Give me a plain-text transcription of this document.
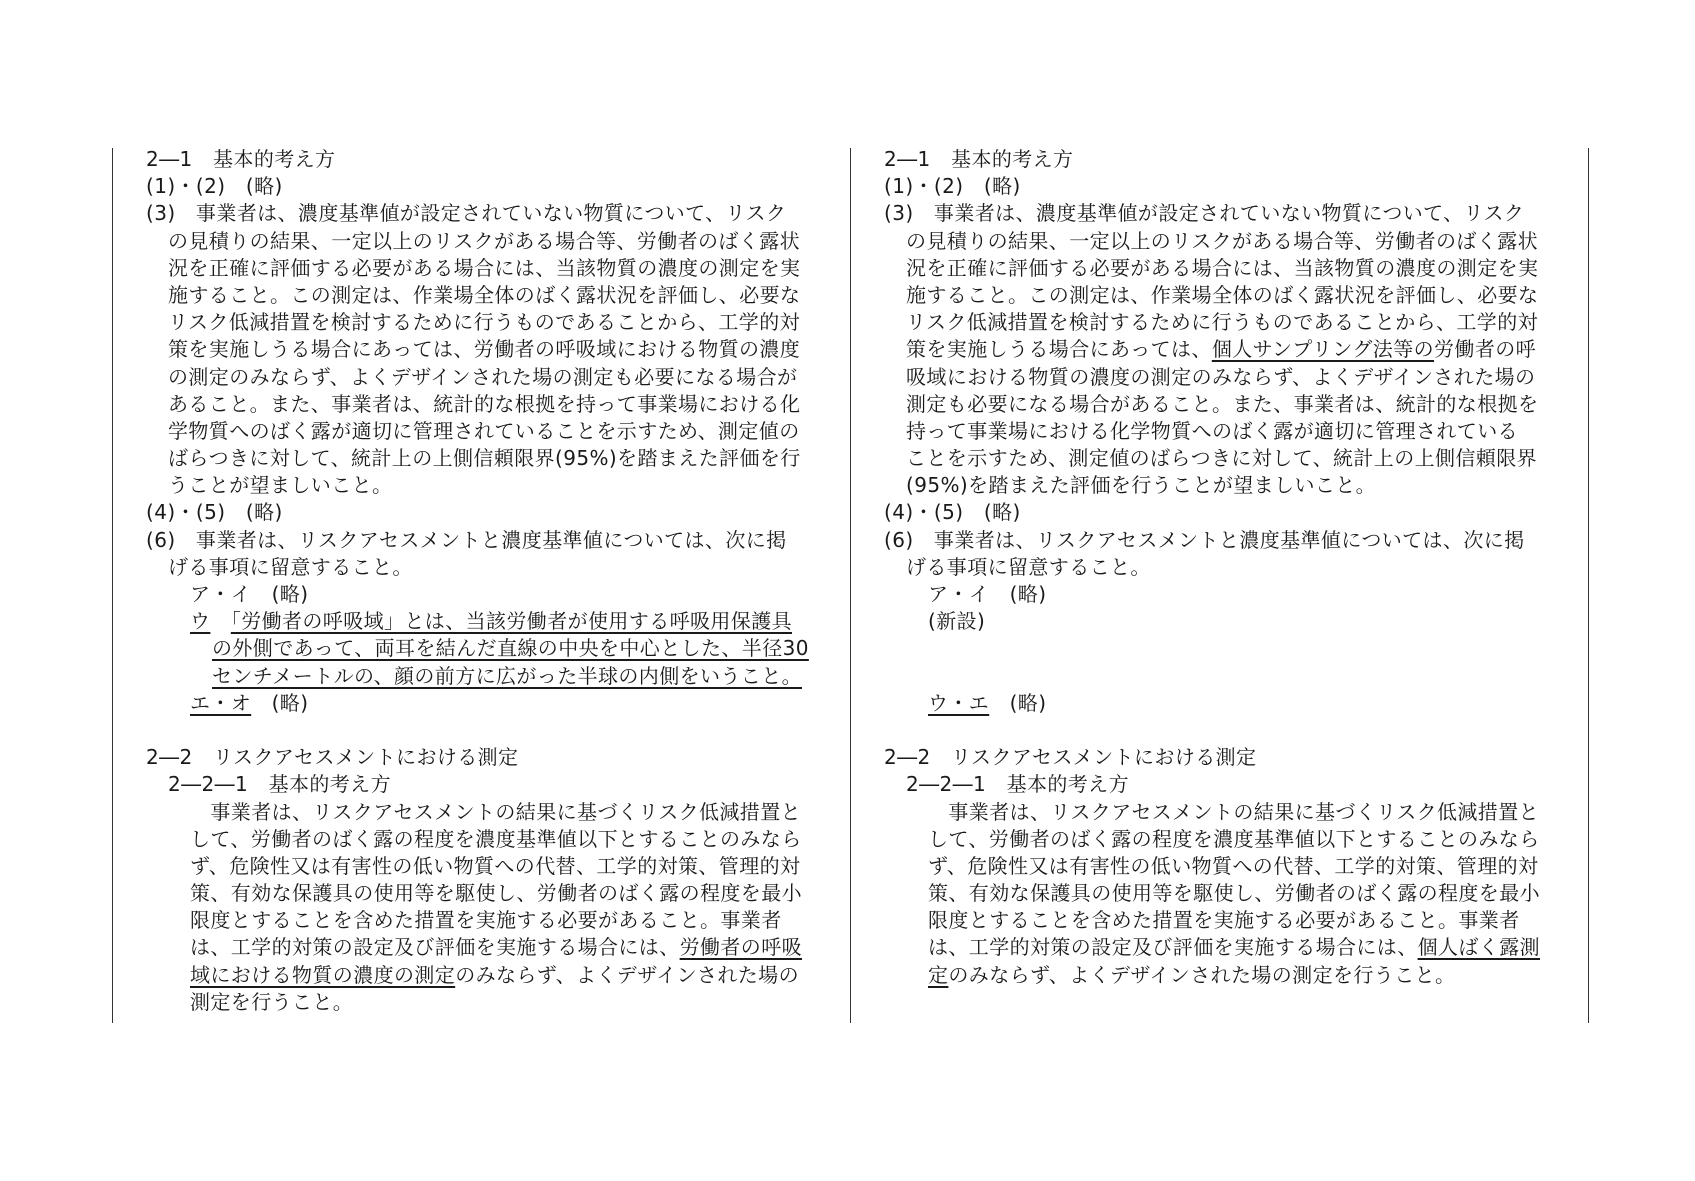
2―1　基本的考え方
(1)・(2)　(略)
(3)　事業者は、濃度基準値が設定されていない物質について、リスク
の見積りの結果、一定以上のリスクがある場合等、労働者のばく露状
況を正確に評価する必要がある場合には、当該物質の濃度の測定を実
施すること。この測定は、作業場全体のばく露状況を評価し、必要な
リスク低減措置を検討するために行うものであることから、工学的対
策を実施しうる場合にあっては、労働者の呼吸域における物質の濃度
の測定のみならず、よくデザインされた場の測定も必要になる場合が
あること。また、事業者は、統計的な根拠を持って事業場における化
学物質へのばく露が適切に管理されていることを示すため、測定値の
ばらつきに対して、統計上の上側信頼限界(95%)を踏まえた評価を行
うことが望ましいこと。
(4)・(5)　(略)
(6)　事業者は、リスクアセスメントと濃度基準値については、次に掲
げる事項に留意すること。
ア・イ　(略)
ウ　 「労働者の呼吸域」とは、当該労働者が使用する呼吸用保護具
の外側であって、両耳を結んだ直線の中央を中心とした、半径30
センチメートルの、顔の前方に広がった半球の内側をいうこと。
エ・オ　(略)
2―2　リスクアセスメントにおける測定
2―2―1　基本的考え方
　事業者は、リスクアセスメントの結果に基づくリスク低減措置と
して、労働者のばく露の程度を濃度基準値以下とすることのみなら
ず、危険性又は有害性の低い物質への代替、工学的対策、管理的対
策、有効な保護具の使用等を駆使し、労働者のばく露の程度を最小
限度とすることを含めた措置を実施する必要があること。事業者
は、工学的対策の設定及び評価を実施する場合には、労働者の呼吸
域における物質の濃度の測定のみならず、よくデザインされた場の
測定を行うこと。
2―1　基本的考え方
(1)・(2)　(略)
(3)　事業者は、濃度基準値が設定されていない物質について、リスク
の見積りの結果、一定以上のリスクがある場合等、労働者のばく露状
況を正確に評価する必要がある場合には、当該物質の濃度の測定を実
施すること。この測定は、作業場全体のばく露状況を評価し、必要な
リスク低減措置を検討するために行うものであることから、工学的対
策を実施しうる場合にあっては、個人サンプリング法等の労働者の呼
吸域における物質の濃度の測定のみならず、よくデザインされた場の
測定も必要になる場合があること。また、事業者は、統計的な根拠を
持って事業場における化学物質へのばく露が適切に管理されている
ことを示すため、測定値のばらつきに対して、統計上の上側信頼限界
(95%)を踏まえた評価を行うことが望ましいこと。
(4)・(5)　(略)
(6)　事業者は、リスクアセスメントと濃度基準値については、次に掲
げる事項に留意すること。
ア・イ　(略)
(新設)
ウ・エ　(略)
2―2　リスクアセスメントにおける測定
2―2―1　基本的考え方
　事業者は、リスクアセスメントの結果に基づくリスク低減措置と
して、労働者のばく露の程度を濃度基準値以下とすることのみなら
ず、危険性又は有害性の低い物質への代替、工学的対策、管理的対
策、有効な保護具の使用等を駆使し、労働者のばく露の程度を最小
限度とすることを含めた措置を実施する必要があること。事業者
は、工学的対策の設定及び評価を実施する場合には、個人ばく露測
定のみならず、よくデザインされた場の測定を行うこと。
